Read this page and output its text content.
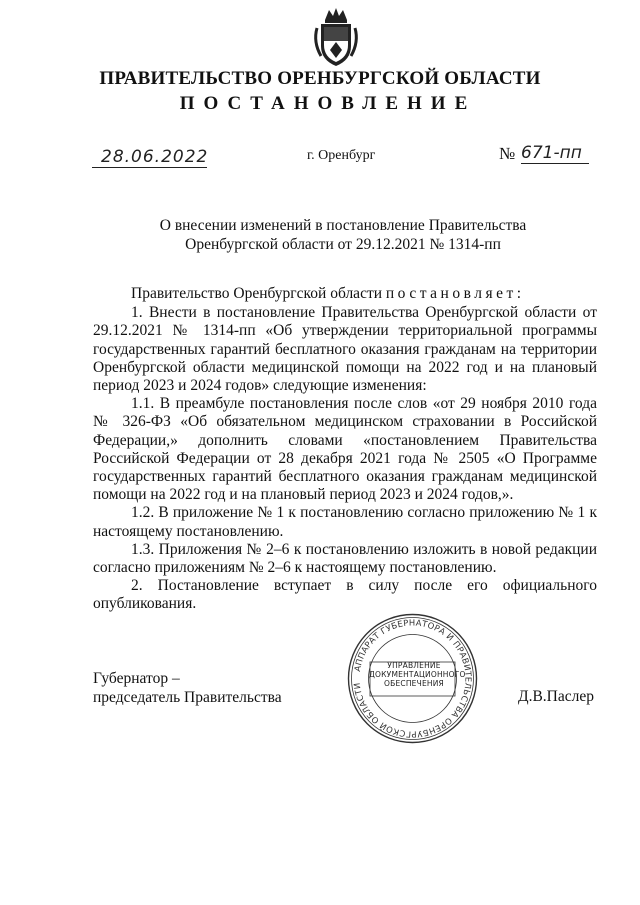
ПРАВИТЕЛЬСТВО ОРЕНБУРГСКОЙ ОБЛАСТИ
ПОСТАНОВЛЕНИЕ
28.06.2022	г. Оренбург	№ 671-пп
О внесении изменений в постановление Правительства
Оренбургской области от 29.12.2021 № 1314-пп

Правительство Оренбургской области постановляет:

1. Внести в постановление Правительства Оренбургской области от 29.12.2021 № 1314-пп «Об утверждении территориальной программы государственных гарантий бесплатного оказания гражданам на территории Оренбургской области медицинской помощи на 2022 год и на плановый период 2023 и 2024 годов» следующие изменения:

1.1. В преамбуле постановления после слов «от 29 ноября 2010 года № 326-ФЗ «Об обязательном медицинском страховании в Российской Федерации,» дополнить словами «постановлением Правительства Российской Федерации от 28 декабря 2021 года № 2505 «О Программе государственных гарантий бесплатного оказания гражданам медицинской помощи на 2022 год и на плановый период 2023 и 2024 годов,».

1.2. В приложение № 1 к постановлению согласно приложению № 1 к настоящему постановлению.

1.3. Приложения № 2–6 к постановлению изложить в новой редакции согласно приложениям № 2–6 к настоящему постановлению.

2. Постановление вступает в силу после его официального опубликования.

Губернатор –
председатель Правительства	Д.В.Паслер
АППАРАТ ГУБЕРНАТОРА И ПРАВИТЕЛЬСТВА ОРЕНБУРГСКОЙ ОБЛАСТИ
УПРАВЛЕНИЕ
ДОКУМЕНТАЦИОННОГО
ОБЕСПЕЧЕНИЯ
